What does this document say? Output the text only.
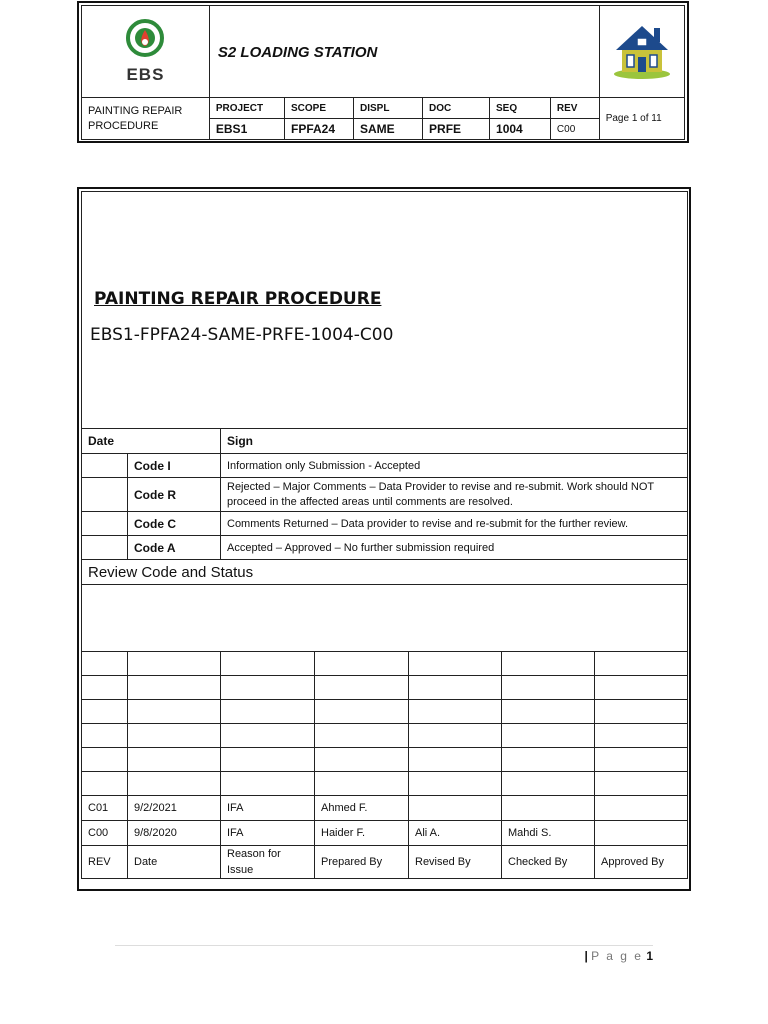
EBS	S2 LOADING STATION	
PAINTING REPAIR PROCEDURE	PROJECT	SCOPE	DISPL	DOC	SEQ	REV	Page 1 of 11
	EBS1	FPFA24	SAME	PRFE	1004	C00	
PAINTING REPAIR PROCEDURE
EBS1-FPFA24-SAME-PRFE-1004-C00						

Date		Sign				
	Code I	Information only Submission - Accepted				
	Code R	Rejected – Major Comments – Data Provider to revise and re-submit. Work should NOT proceed in the affected areas until comments are resolved.				
	Code C	Comments Returned – Data provider to revise and re-submit for the further review.				
	Code A	Accepted – Approved – No further submission required				
Review Code and Status						

C01	9/2/2021	IFA	Ahmed F.			
C00	9/8/2020	IFA	Haider F.	Ali A.	Mahdi S.	
REV	Date	Reason for Issue	Prepared By	Revised By	Checked By	Approved By
| P a g e 1
